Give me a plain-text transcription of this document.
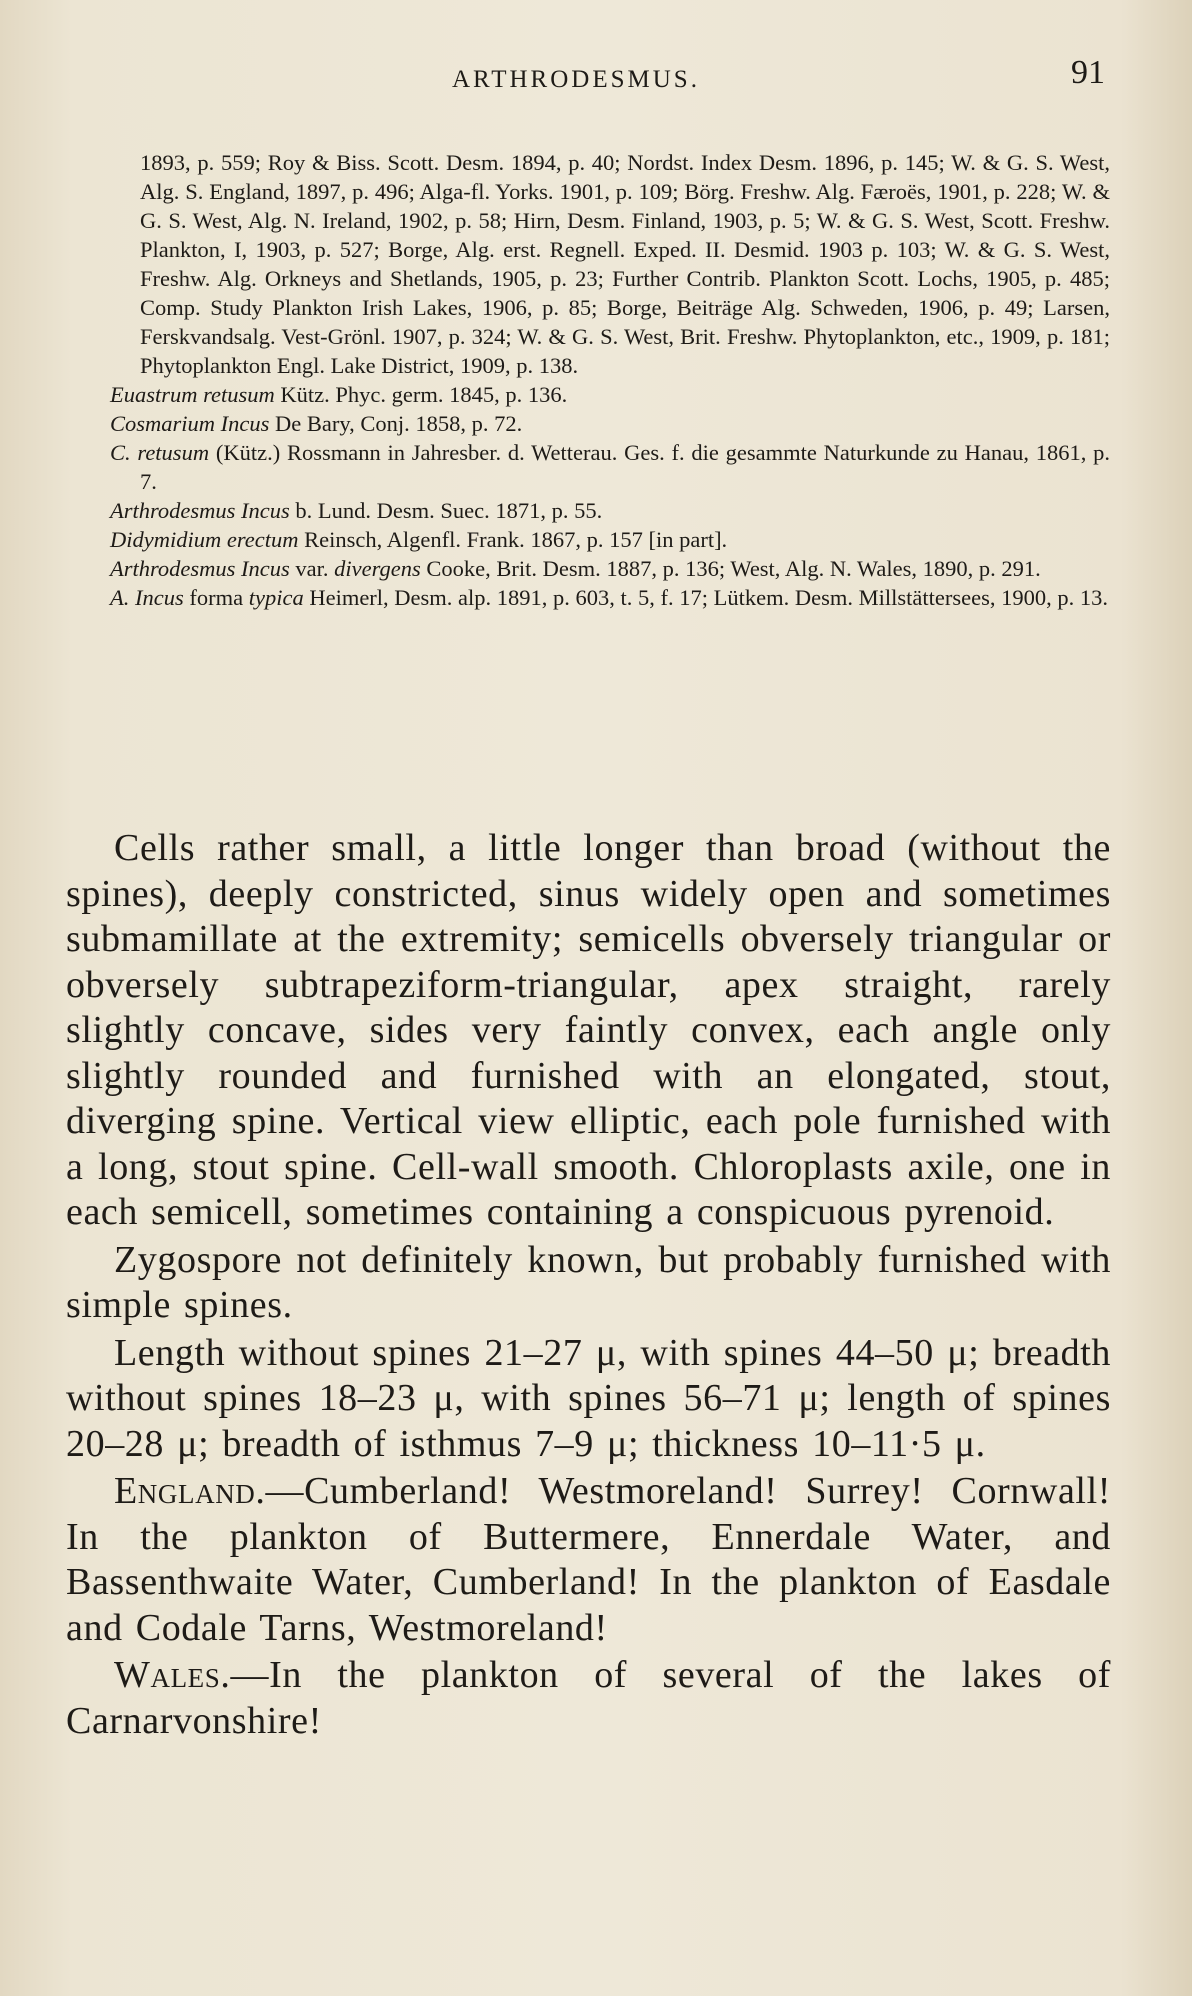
ARTHRODESMUS.	91

1893, p. 559; Roy & Biss. Scott. Desm. 1894, p. 40; Nordst. Index Desm. 1896, p. 145; W. & G. S. West, Alg. S. England, 1897, p. 496; Alga-fl. Yorks. 1901, p. 109; Börg. Freshw. Alg. Færoës, 1901, p. 228; W. & G. S. West, Alg. N. Ireland, 1902, p. 58; Hirn, Desm. Finland, 1903, p. 5; W. & G. S. West, Scott. Freshw. Plankton, I, 1903, p. 527; Borge, Alg. erst. Regnell. Exped. II. Desmid. 1903 p. 103; W. & G. S. West, Freshw. Alg. Orkneys and Shetlands, 1905, p. 23; Further Contrib. Plankton Scott. Lochs, 1905, p. 485; Comp. Study Plankton Irish Lakes, 1906, p. 85; Borge, Beiträge Alg. Schweden, 1906, p. 49; Larsen, Ferskvandsalg. Vest-Grönl. 1907, p. 324; W. & G. S. West, Brit. Freshw. Phytoplankton, etc., 1909, p. 181; Phytoplankton Engl. Lake District, 1909, p. 138.

Euastrum retusum Kütz. Phyc. germ. 1845, p. 136.

Cosmarium Incus De Bary, Conj. 1858, p. 72.

C. retusum (Kütz.) Rossmann in Jahresber. d. Wetterau. Ges. f. die gesammte Naturkunde zu Hanau, 1861, p. 7.

Arthrodesmus Incus b. Lund. Desm. Suec. 1871, p. 55.

Didymidium erectum Reinsch, Algenfl. Frank. 1867, p. 157 [in part].

Arthrodesmus Incus var. divergens Cooke, Brit. Desm. 1887, p. 136; West, Alg. N. Wales, 1890, p. 291.

A. Incus forma typica Heimerl, Desm. alp. 1891, p. 603, t. 5, f. 17; Lütkem. Desm. Millstättersees, 1900, p. 13.

Cells rather small, a little longer than broad (without the spines), deeply constricted, sinus widely open and sometimes submamillate at the extremity; semicells obversely triangular or obversely subtrapeziform-triangular, apex straight, rarely slightly concave, sides very faintly convex, each angle only slightly rounded and furnished with an elongated, stout, diverging spine. Vertical view elliptic, each pole furnished with a long, stout spine. Cell-wall smooth. Chloroplasts axile, one in each semicell, sometimes containing a conspicuous pyrenoid.

Zygospore not definitely known, but probably furnished with simple spines.

Length without spines 21–27 μ, with spines 44–50 μ; breadth without spines 18–23 μ, with spines 56–71 μ; length of spines 20–28 μ; breadth of isthmus 7–9 μ; thickness 10–11·5 μ.

England.—Cumberland! Westmoreland! Surrey! Cornwall! In the plankton of Buttermere, Ennerdale Water, and Bassenthwaite Water, Cumberland! In the plankton of Easdale and Codale Tarns, Westmoreland!

Wales.—In the plankton of several of the lakes of Carnarvonshire!
